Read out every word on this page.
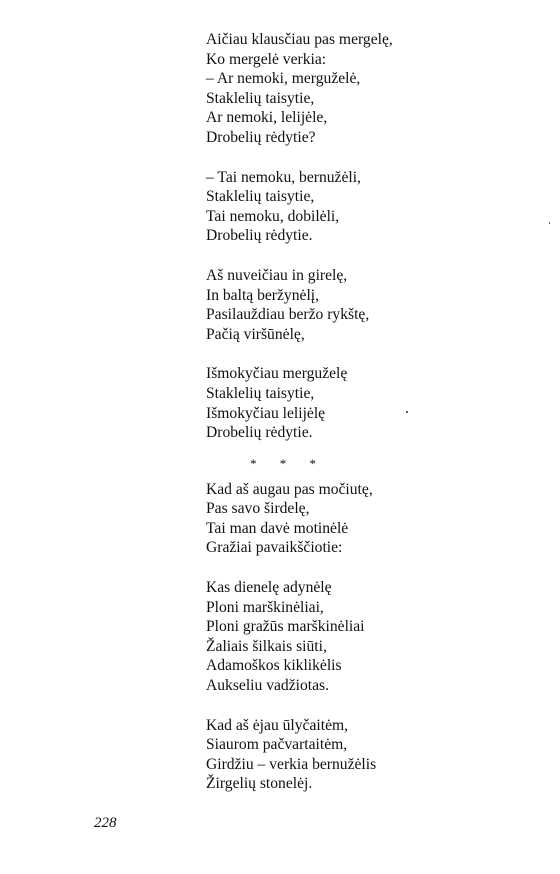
Aičiau klausčiau pas mergelę,
Ko mergelė verkia:
– Ar nemoki, merguželė,
Staklelių taisytie,
Ar nemoki, lelijėle,
Drobelių rėdytie?
– Tai nemoku, bernužėli,
Staklelių taisytie,
Tai nemoku, dobilėli,
Drobelių rėdytie.
Aš nuveičiau in girelę,
In baltą beržynėlį,
Pasilauždiau beržo rykštę,
Pačią viršūnėlę,
Išmokyčiau merguželę
Staklelių taisytie,
Išmokyčiau lelijėlę
Drobelių rėdytie.
* * *
Kad aš augau pas močiutę,
Pas savo širdelę,
Tai man davė motinėlė
Gražiai pavaikščiotie:
Kas dienelę adynėlę
Ploni marškinėliai,
Ploni gražūs marškinėliai
Žaliais šilkais siūti,
Adamoškos kiklikėlis
Aukseliu vadžiotas.
Kad aš ėjau ūlyčaitėm,
Siaurom pačvartaitėm,
Girdžiu – verkia bernužėlis
Žirgelių stonelėj.
228
